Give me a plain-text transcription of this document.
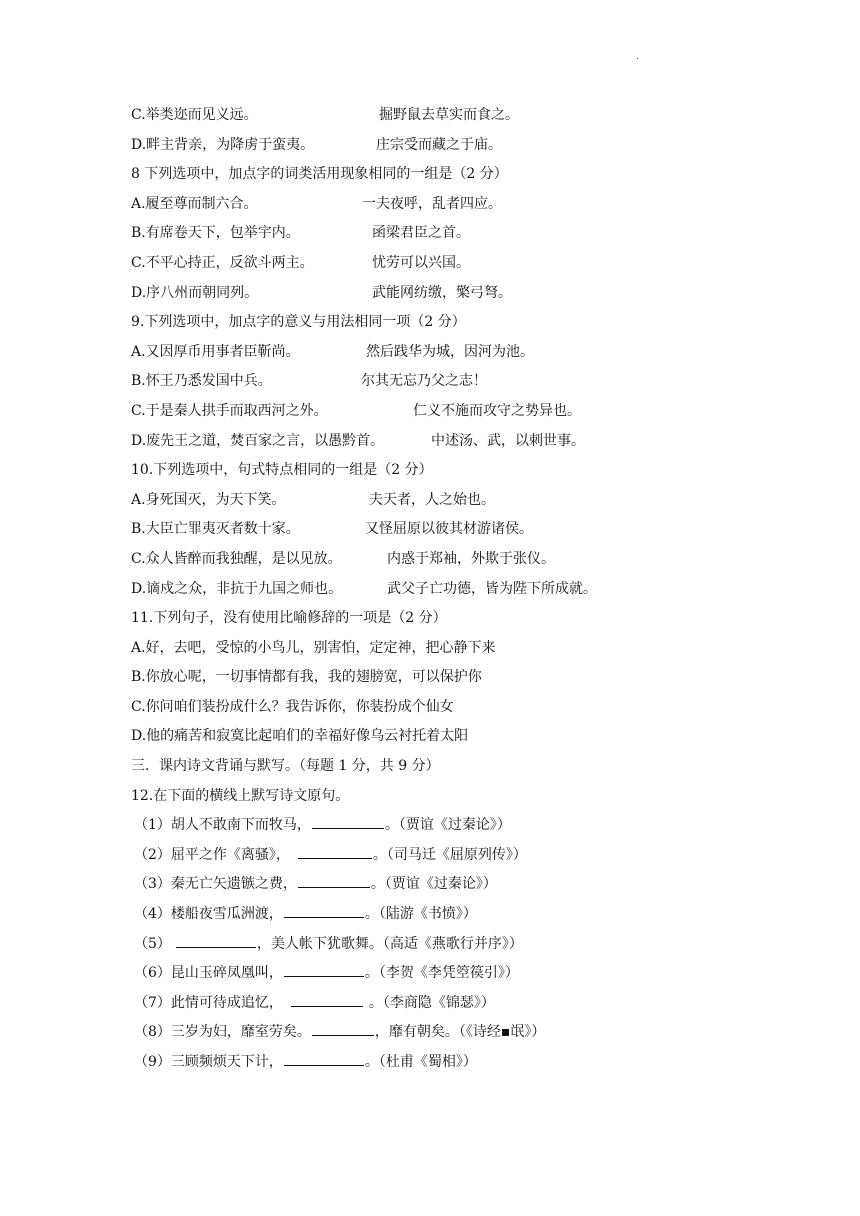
.
C.举类迩而见义远。	掘野鼠去草实而食之。
D.畔主背亲，为降虏于蛮夷。	庄宗受而藏之于庙。
8 下列选项中，加点字的词类活用现象相同的一组是（2 分）
A.履至尊而制六合。	一夫夜呼，乱者四应。
B.有席卷天下，包举宇内。	函梁君臣之首。
C.不平心持正，反欲斗两主。	忧劳可以兴国。
D.序八州而朝同列。	武能网纺缴，檠弓弩。
9.下列选项中，加点字的意义与用法相同一项（2 分）
A.又因厚币用事者臣靳尚。	然后践华为城，因河为池。
B.怀王乃悉发国中兵。	尔其无忘乃父之志！
C.于是秦人拱手而取西河之外。	仁义不施而攻守之势异也。
D.废先王之道，焚百家之言，以愚黔首。	中述汤、武，以刺世事。
10.下列选项中，句式特点相同的一组是（2 分）
A.身死国灭，为天下笑。	夫天者，人之始也。
B.大臣亡罪夷灭者数十家。	又怪屈原以彼其材游诸侯。
C.众人皆醉而我独醒，是以见放。	内惑于郑袖，外欺于张仪。
D.谪戍之众，非抗于九国之师也。	武父子亡功德，皆为陛下所成就。
11.下列句子，没有使用比喻修辞的一项是（2 分）
A.好，去吧，受惊的小鸟儿，别害怕，定定神，把心静下来
B.你放心呢，一切事情都有我，我的翅膀宽，可以保护你
C.你问咱们装扮成什么？我告诉你，你装扮成个仙女
D.他的痛苦和寂寞比起咱们的幸福好像乌云衬托着太阳
三．课内诗文背诵与默写。（每题 1 分，共 9 分）
12.在下面的横线上默写诗文原句。
（1）胡人不敢南下而牧马，	。（贾谊《过秦论》）
（2）屈平之作《离骚》，	。（司马迁《屈原列传》）
（3）秦无亡矢遗镞之费，	。（贾谊《过秦论》）
（4）楼船夜雪瓜洲渡，	。（陆游《书愤》）
（5）	，美人帐下犹歌舞。（高适《燕歌行并序》）
（6）昆山玉碎凤凰叫，	。（李贺《李凭箜篌引》）
（7）此情可待成追忆，	。（李商隐《锦瑟》）
（8）三岁为妇，靡室劳矣。	，靡有朝矣。（《诗经▪氓》）
（9）三顾频烦天下计，	。（杜甫《蜀相》）
